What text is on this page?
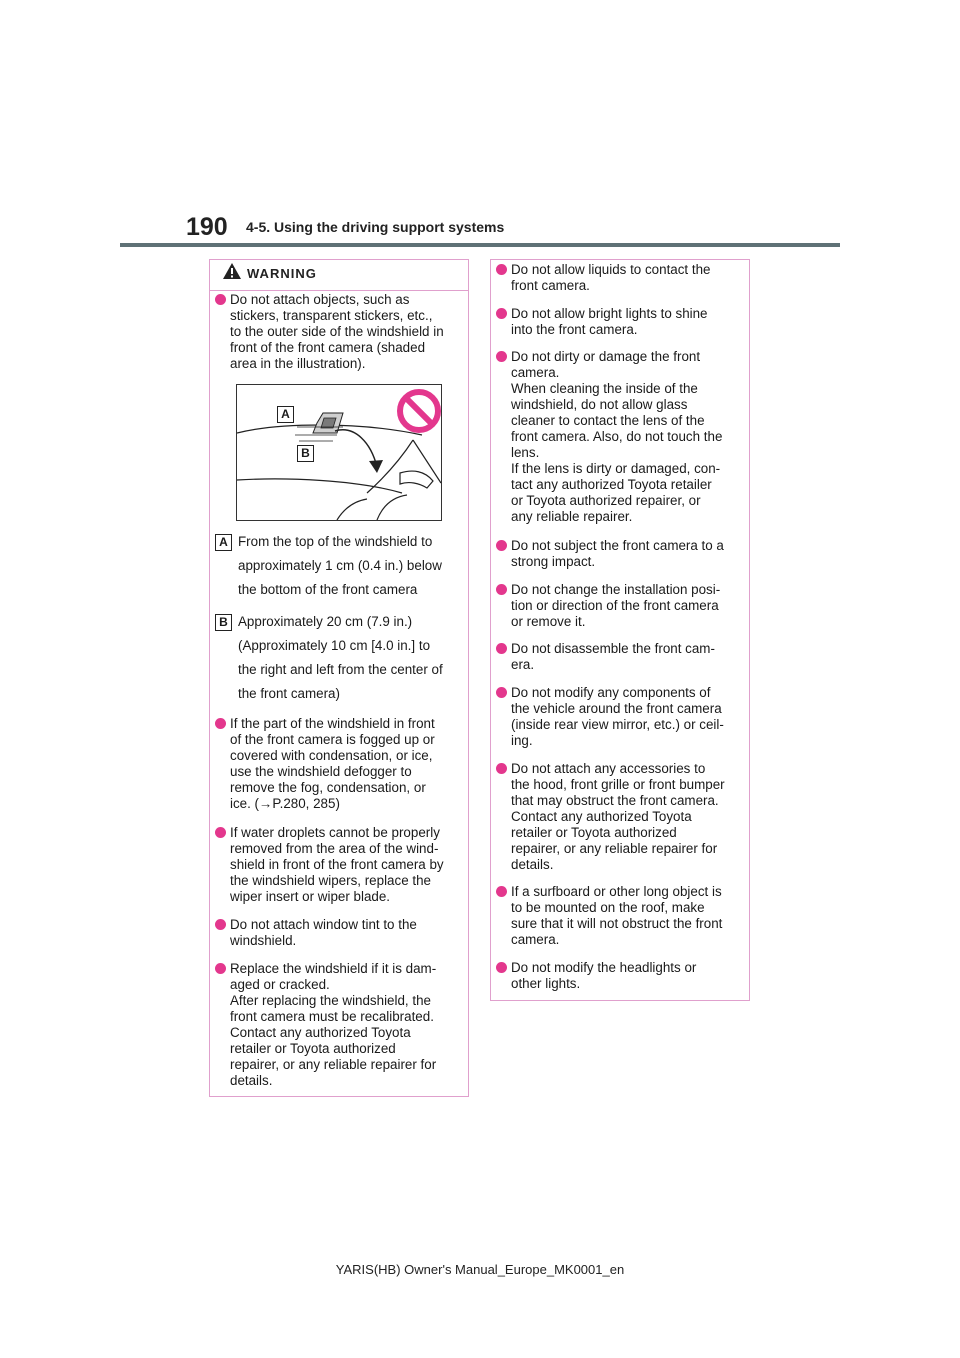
190 4-5. Using the driving support systems
WARNING
Do not attach objects, such as
stickers, transparent stickers, etc.,
to the outer side of the windshield in
front of the front camera (shaded
area in the illustration).
A
B
A From the top of the windshield to
approximately 1 cm (0.4 in.) below
the bottom of the front camera
B Approximately 20 cm (7.9 in.)
(Approximately 10 cm [4.0 in.] to
the right and left from the center of
the front camera)
If the part of the windshield in front
of the front camera is fogged up or
covered with condensation, or ice,
use the windshield defogger to
remove the fog, condensation, or
ice. (→P.280, 285)
If water droplets cannot be properly
removed from the area of the wind-
shield in front of the front camera by
the windshield wipers, replace the
wiper insert or wiper blade.
Do not attach window tint to the
windshield.
Replace the windshield if it is dam-
aged or cracked.
After replacing the windshield, the
front camera must be recalibrated.
Contact any authorized Toyota
retailer or Toyota authorized
repairer, or any reliable repairer for
details.
Do not allow liquids to contact the
front camera.
Do not allow bright lights to shine
into the front camera.
Do not dirty or damage the front
camera.
When cleaning the inside of the
windshield, do not allow glass
cleaner to contact the lens of the
front camera. Also, do not touch the
lens.
If the lens is dirty or damaged, con-
tact any authorized Toyota retailer
or Toyota authorized repairer, or
any reliable repairer.
Do not subject the front camera to a
strong impact.
Do not change the installation posi-
tion or direction of the front camera
or remove it.
Do not disassemble the front cam-
era.
Do not modify any components of
the vehicle around the front camera
(inside rear view mirror, etc.) or ceil-
ing.
Do not attach any accessories to
the hood, front grille or front bumper
that may obstruct the front camera.
Contact any authorized Toyota
retailer or Toyota authorized
repairer, or any reliable repairer for
details.
If a surfboard or other long object is
to be mounted on the roof, make
sure that it will not obstruct the front
camera.
Do not modify the headlights or
other lights.
YARIS(HB) Owner's Manual_Europe_MK0001_en
